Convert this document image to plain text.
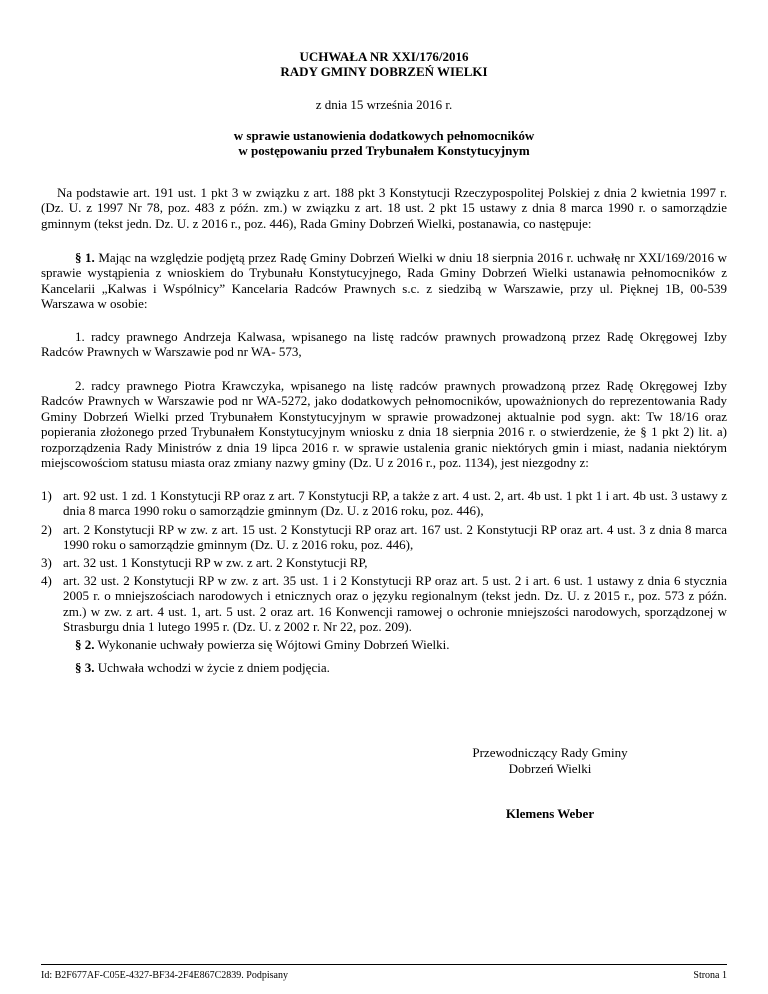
UCHWAŁA NR XXI/176/2016
RADY GMINY DOBRZEŃ WIELKI
z dnia 15 września 2016 r.
w sprawie ustanowienia dodatkowych pełnomocników
w postępowaniu przed Trybunałem Konstytucyjnym
Na podstawie art. 191 ust. 1 pkt 3 w związku z art. 188 pkt 3 Konstytucji Rzeczypospolitej Polskiej z dnia 2 kwietnia 1997 r. (Dz. U. z 1997 Nr 78, poz. 483 z późn. zm.) w związku z art. 18 ust. 2 pkt 15 ustawy z dnia 8 marca 1990 r. o samorządzie gminnym (tekst jedn. Dz. U. z 2016 r., poz. 446), Rada Gminy Dobrzeń Wielki, postanawia, co następuje:
§ 1. Mając na względzie podjętą przez Radę Gminy Dobrzeń Wielki w dniu 18 sierpnia 2016 r. uchwałę nr XXI/169/2016 w sprawie wystąpienia z wnioskiem do Trybunału Konstytucyjnego, Rada Gminy Dobrzeń Wielki ustanawia pełnomocników z Kancelarii „Kalwas i Wspólnicy” Kancelaria Radców Prawnych s.c. z siedzibą w Warszawie, przy ul. Pięknej 1B, 00-539 Warszawa w osobie:
1. radcy prawnego Andrzeja Kalwasa, wpisanego na listę radców prawnych prowadzoną przez Radę Okręgowej Izby Radców Prawnych w Warszawie pod nr WA- 573,
2. radcy prawnego Piotra Krawczyka, wpisanego na listę radców prawnych prowadzoną przez Radę Okręgowej Izby Radców Prawnych w Warszawie pod nr WA-5272, jako dodatkowych pełnomocników, upoważnionych do reprezentowania Rady Gminy Dobrzeń Wielki przed Trybunałem Konstytucyjnym w sprawie prowadzonej aktualnie pod sygn. akt: Tw 18/16 oraz popierania złożonego przed Trybunałem Konstytucyjnym wniosku z dnia 18 sierpnia 2016 r. o stwierdzenie, że § 1 pkt 2) lit. a) rozporządzenia Rady Ministrów z dnia 19 lipca 2016 r. w sprawie ustalenia granic niektórych gmin i miast, nadania niektórym miejscowościom statusu miasta oraz zmiany nazwy gminy (Dz. U z 2016 r., poz. 1134), jest niezgodny z:
1) art. 92 ust. 1 zd. 1 Konstytucji RP oraz z art. 7 Konstytucji RP, a także z art. 4 ust. 2, art. 4b ust. 1 pkt 1 i art. 4b ust. 3 ustawy z dnia 8 marca 1990 roku o samorządzie gminnym (Dz. U. z 2016 roku, poz. 446),
2) art. 2 Konstytucji RP w zw. z art. 15 ust. 2 Konstytucji RP oraz art. 167 ust. 2 Konstytucji RP oraz art. 4 ust. 3 z dnia 8 marca 1990 roku o samorządzie gminnym (Dz. U. z 2016 roku, poz. 446),
3) art. 32 ust. 1 Konstytucji RP w zw. z art. 2 Konstytucji RP,
4) art. 32 ust. 2 Konstytucji RP w zw. z art. 35 ust. 1 i 2 Konstytucji RP oraz art. 5 ust. 2 i art. 6 ust. 1 ustawy z dnia 6 stycznia 2005 r. o mniejszościach narodowych i etnicznych oraz o języku regionalnym (tekst jedn. Dz. U. z 2015 r., poz. 573 z późn. zm.) w zw. z art. 4 ust. 1, art. 5 ust. 2 oraz art. 16 Konwencji ramowej o ochronie mniejszości narodowych, sporządzonej w Strasburgu dnia 1 lutego 1995 r. (Dz. U. z 2002 r. Nr 22, poz. 209).
§ 2. Wykonanie uchwały powierza się Wójtowi Gminy Dobrzeń Wielki.
§ 3. Uchwała wchodzi w życie z dniem podjęcia.
Przewodniczący Rady Gminy
Dobrzeń Wielki
Klemens Weber
Id: B2F677AF-C05E-4327-BF34-2F4E867C2839. Podpisany	Strona 1
